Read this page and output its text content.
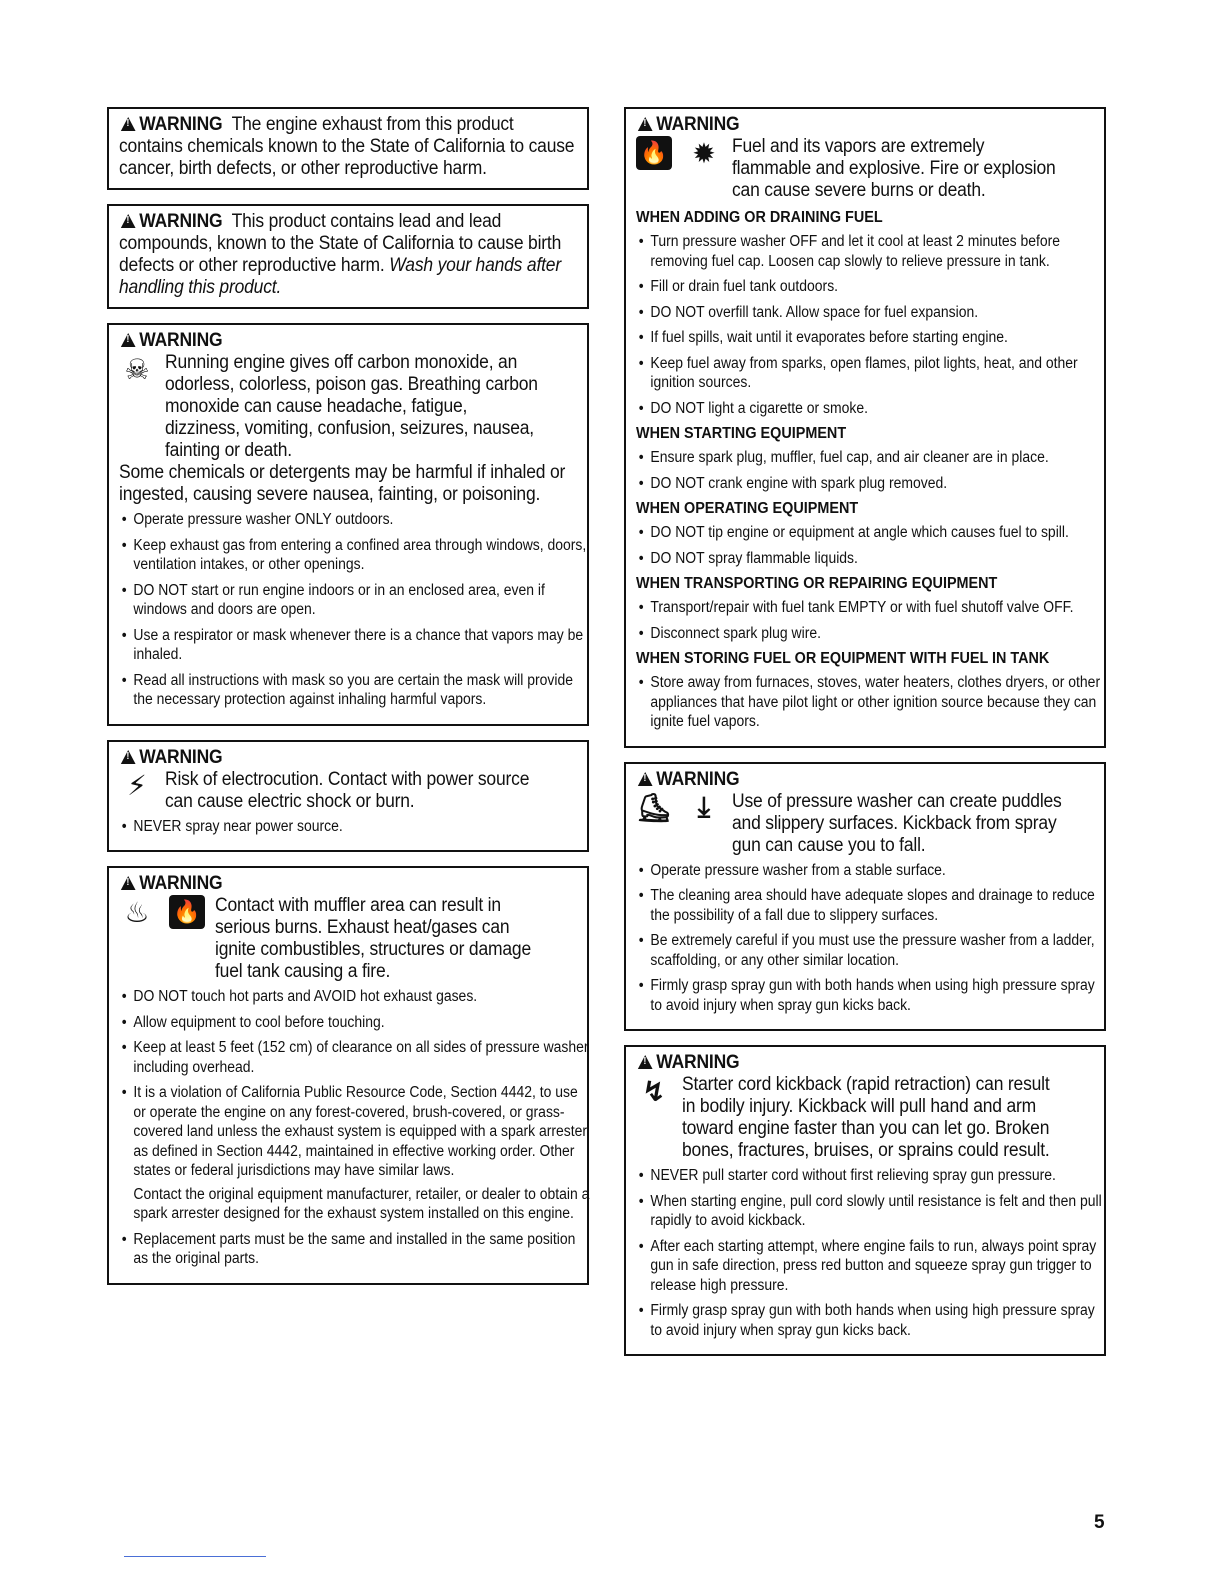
!WARNING The engine exhaust from this product contains chemicals known to the State of California to cause cancer, birth defects, or other reproductive harm.
!WARNING This product contains lead and lead compounds, known to the State of California to cause birth defects or other reproductive harm. Wash your hands after handling this product.
!WARNING
☠ Running engine gives off carbon monoxide, an odorless, colorless, poison gas. Breathing carbon monoxide can cause headache, fatigue, dizziness, vomiting, confusion, seizures, nausea, fainting or death.
Some chemicals or detergents may be harmful if inhaled or ingested, causing severe nausea, fainting, or poisoning.
• Operate pressure washer ONLY outdoors.
• Keep exhaust gas from entering a confined area through windows, doors, ventilation intakes, or other openings.
• DO NOT start or run engine indoors or in an enclosed area, even if windows and doors are open.
• Use a respirator or mask whenever there is a chance that vapors may be inhaled.
• Read all instructions with mask so you are certain the mask will provide the necessary protection against inhaling harmful vapors.
!WARNING
⚡ Risk of electrocution. Contact with power source can cause electric shock or burn.
• NEVER spray near power source.
!WARNING
♨ 🔥 Contact with muffler area can result in serious burns. Exhaust heat/gases can ignite combustibles, structures or damage fuel tank causing a fire.
• DO NOT touch hot parts and AVOID hot exhaust gases.
• Allow equipment to cool before touching.
• Keep at least 5 feet (152 cm) of clearance on all sides of pressure washer including overhead.
• It is a violation of California Public Resource Code, Section 4442, to use or operate the engine on any forest-covered, brush-covered, or grass-covered land unless the exhaust system is equipped with a spark arrester, as defined in Section 4442, maintained in effective working order. Other states or federal jurisdictions may have similar laws.
Contact the original equipment manufacturer, retailer, or dealer to obtain a spark arrester designed for the exhaust system installed on this engine.
• Replacement parts must be the same and installed in the same position as the original parts.
!WARNING
🔥 ✹ Fuel and its vapors are extremely flammable and explosive. Fire or explosion can cause severe burns or death.
WHEN ADDING OR DRAINING FUEL
• Turn pressure washer OFF and let it cool at least 2 minutes before removing fuel cap. Loosen cap slowly to relieve pressure in tank.
• Fill or drain fuel tank outdoors.
• DO NOT overfill tank. Allow space for fuel expansion.
• If fuel spills, wait until it evaporates before starting engine.
• Keep fuel away from sparks, open flames, pilot lights, heat, and other ignition sources.
• DO NOT light a cigarette or smoke.
WHEN STARTING EQUIPMENT
• Ensure spark plug, muffler, fuel cap, and air cleaner are in place.
• DO NOT crank engine with spark plug removed.
WHEN OPERATING EQUIPMENT
• DO NOT tip engine or equipment at angle which causes fuel to spill.
• DO NOT spray flammable liquids.
WHEN TRANSPORTING OR REPAIRING EQUIPMENT
• Transport/repair with fuel tank EMPTY or with fuel shutoff valve OFF.
• Disconnect spark plug wire.
WHEN STORING FUEL OR EQUIPMENT WITH FUEL IN TANK
• Store away from furnaces, stoves, water heaters, clothes dryers, or other appliances that have pilot light or other ignition source because they can ignite fuel vapors.
!WARNING
⛸ ⤓	Use of pressure washer can create puddles and slippery surfaces. Kickback from spray gun can cause you to fall.
• Operate pressure washer from a stable surface.
• The cleaning area should have adequate slopes and drainage to reduce the possibility of a fall due to slippery surfaces.
• Be extremely careful if you must use the pressure washer from a ladder, scaffolding, or any other similar location.
• Firmly grasp spray gun with both hands when using high pressure spray to avoid injury when spray gun kicks back.
!WARNING
↯ Starter cord kickback (rapid retraction) can result in bodily injury. Kickback will pull hand and arm toward engine faster than you can let go. Broken bones, fractures, bruises, or sprains could result.
• NEVER pull starter cord without first relieving spray gun pressure.
• When starting engine, pull cord slowly until resistance is felt and then pull rapidly to avoid kickback.
• After each starting attempt, where engine fails to run, always point spray gun in safe direction, press red button and squeeze spray gun trigger to release high pressure.
• Firmly grasp spray gun with both hands when using high pressure spray to avoid injury when spray gun kicks back.
5
